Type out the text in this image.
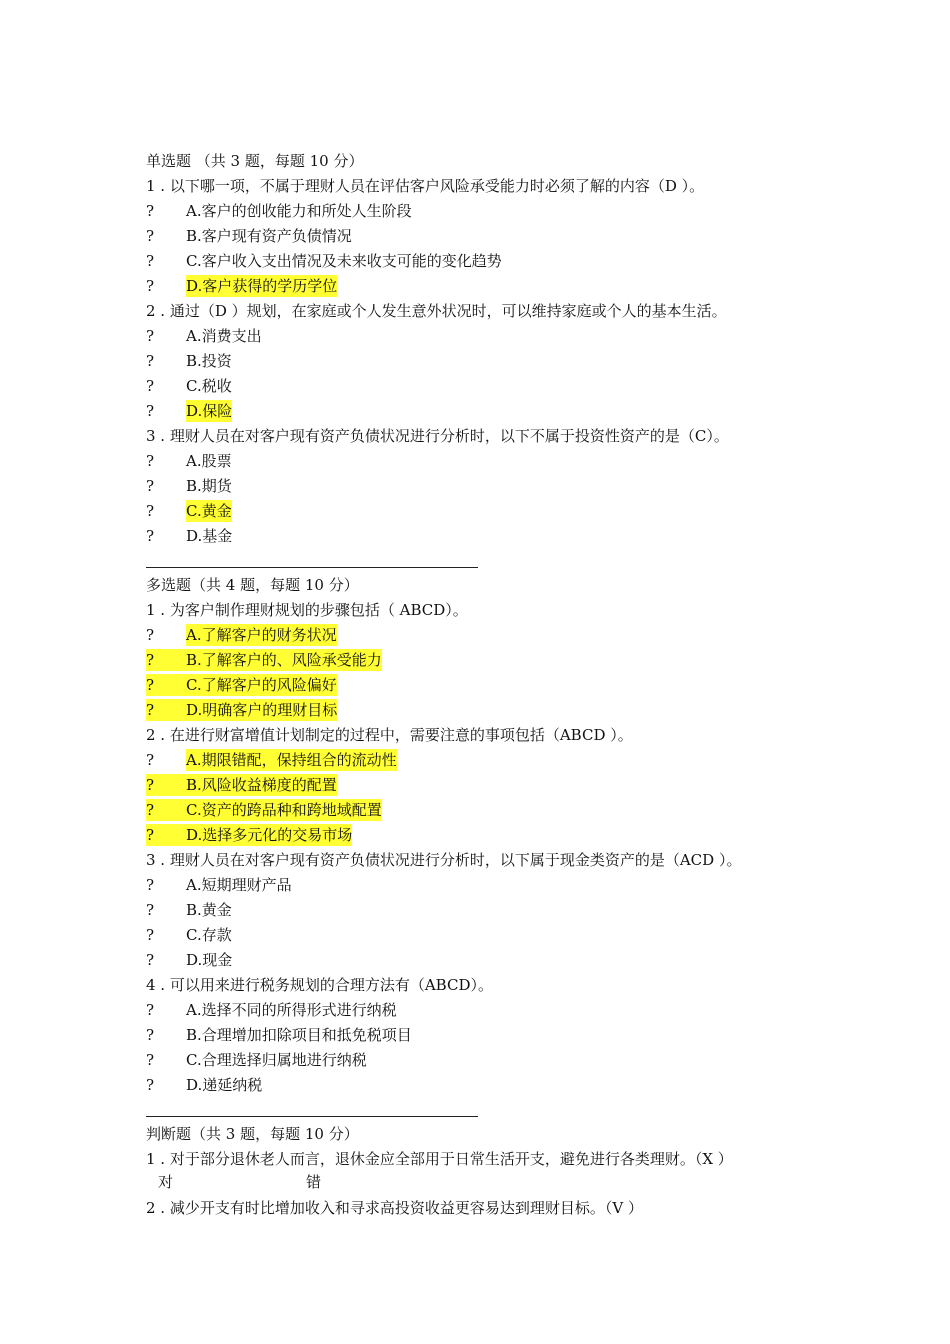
单选题 （共 3 题，每题 10 分）
1 . 以下哪一项，不属于理财人员在评估客户风险承受能力时必须了解的内容（D ）。
? A.客户的创收能力和所处人生阶段
? B.客户现有资产负债情况
? C.客户收入支出情况及未来收支可能的变化趋势
? D.客户获得的学历学位
2 . 通过（D ）规划，在家庭或个人发生意外状况时，可以维持家庭或个人的基本生活。
? A.消费支出
? B.投资
? C.税收
? D.保险
3 . 理财人员在对客户现有资产负债状况进行分析时，以下不属于投资性资产的是（C）。
? A.股票
? B.期货
? C.黄金
? D.基金
多选题（共 4 题，每题 10 分）
1 . 为客户制作理财规划的步骤包括（ ABCD）。
? A.了解客户的财务状况
? B.了解客户的、风险承受能力
? C.了解客户的风险偏好
? D.明确客户的理财目标
2 . 在进行财富增值计划制定的过程中，需要注意的事项包括（ABCD ）。
? A.期限错配，保持组合的流动性
? B.风险收益梯度的配置
? C.资产的跨品种和跨地域配置
? D.选择多元化的交易市场
3 . 理财人员在对客户现有资产负债状况进行分析时，以下属于现金类资产的是（ACD ）。
? A.短期理财产品
? B.黄金
? C.存款
? D.现金
4 . 可以用来进行税务规划的合理方法有（ABCD）。
? A.选择不同的所得形式进行纳税
? B.合理增加扣除项目和抵免税项目
? C.合理选择归属地进行纳税
? D.递延纳税
判断题（共 3 题，每题 10 分）
1 . 对于部分退休老人而言，退休金应全部用于日常生活开支，避免进行各类理财。（X ）
对	错
2 . 减少开支有时比增加收入和寻求高投资收益更容易达到理财目标。（V ）
